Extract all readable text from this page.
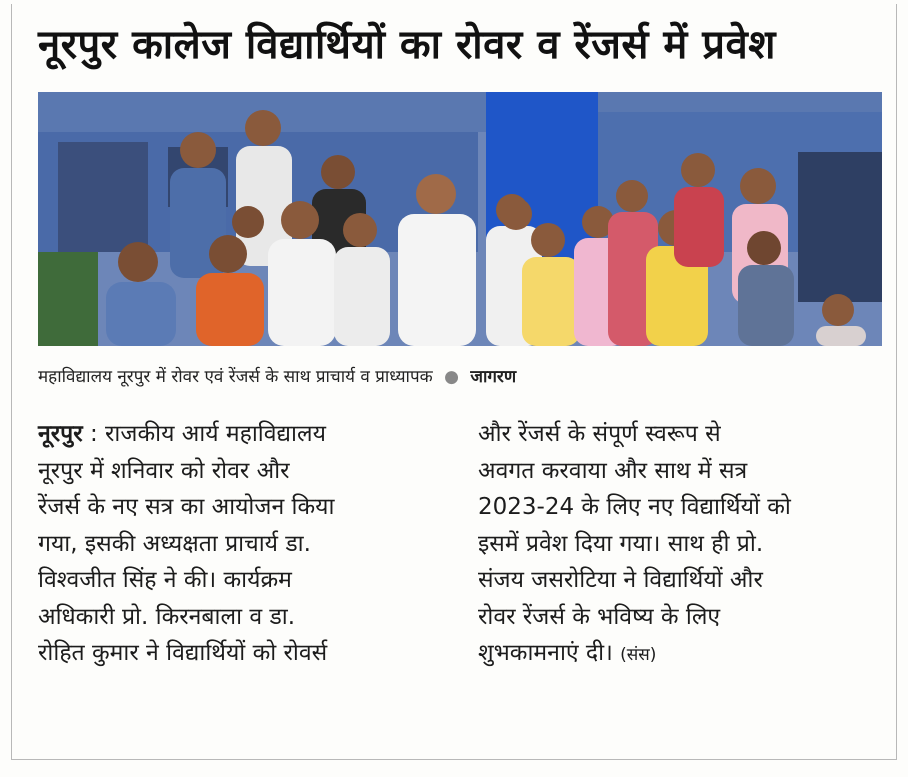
नूरपुर कालेज विद्यार्थियों का रोवर व रेंजर्स में प्रवेश
महाविद्यालय नूरपुर में रोवर एवं रेंजर्स के साथ प्राचार्य व प्राध्यापक ● जागरण
नूरपुर : राजकीय आर्य महाविद्यालय
नूरपुर में शनिवार को रोवर और
रेंजर्स के नए सत्र का आयोजन किया
गया, इसकी अध्यक्षता प्राचार्य डा.
विश्वजीत सिंह ने की। कार्यक्रम
अधिकारी प्रो. किरनबाला व डा.
रोहित कुमार ने विद्यार्थियों को रोवर्स
और रेंजर्स के संपूर्ण स्वरूप से
अवगत करवाया और साथ में सत्र
2023-24 के लिए नए विद्यार्थियों को
इसमें प्रवेश दिया गया। साथ ही प्रो.
संजय जसरोटिया ने विद्यार्थियों और
रोवर रेंजर्स के भविष्य के लिए
शुभकामनाएं दी। (संस)
